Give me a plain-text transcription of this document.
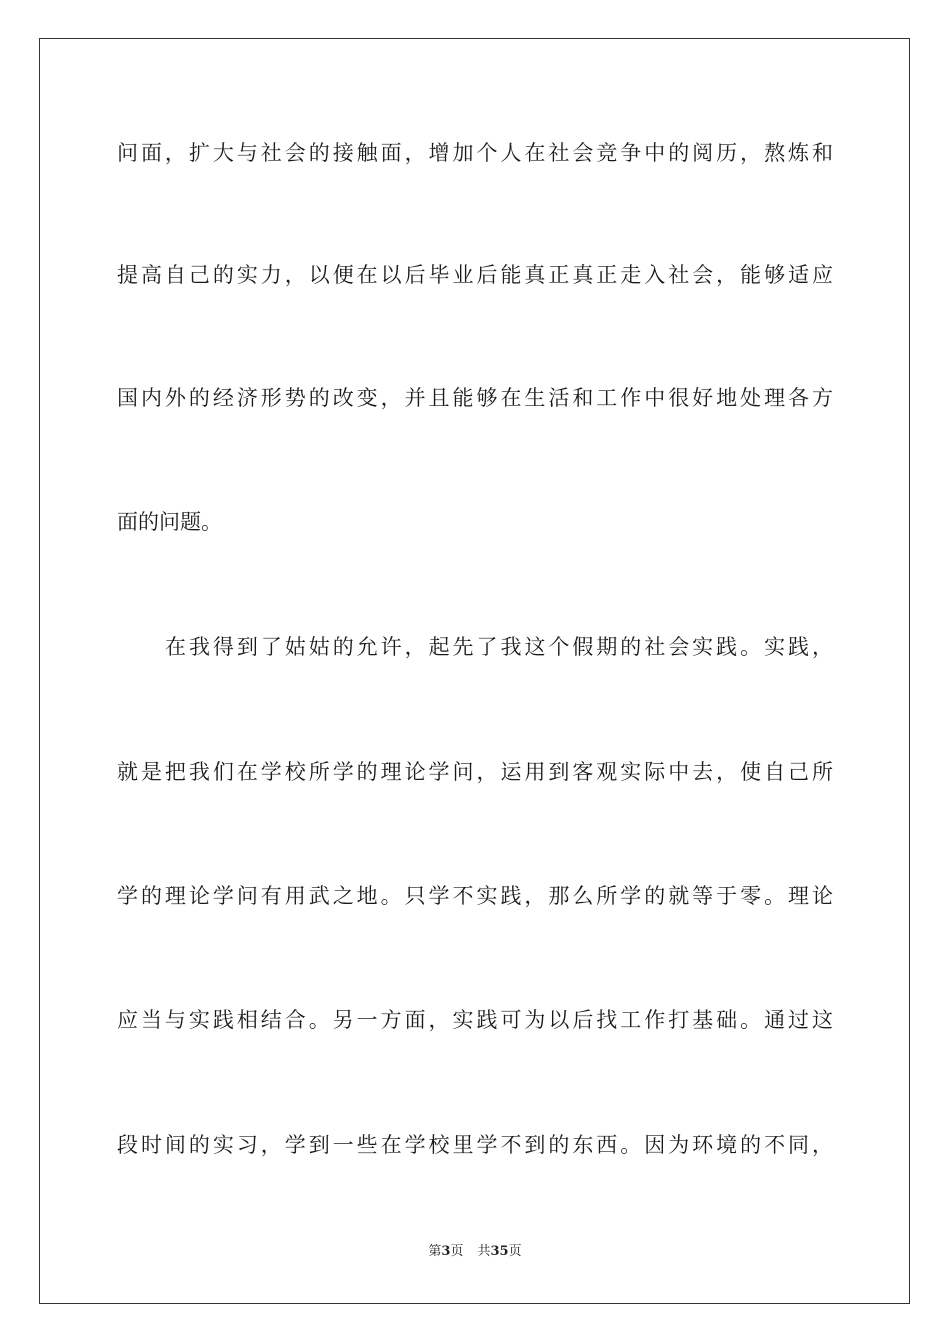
问面，扩大与社会的接触面，增加个人在社会竞争中的阅历，熬炼和
提高自己的实力，以便在以后毕业后能真正真正走入社会，能够适应
国内外的经济形势的改变，并且能够在生活和工作中很好地处理各方
面的问题。
在我得到了姑姑的允许，起先了我这个假期的社会实践。实践，
就是把我们在学校所学的理论学问，运用到客观实际中去，使自己所
学的理论学问有用武之地。只学不实践，那么所学的就等于零。理论
应当与实践相结合。另一方面，实践可为以后找工作打基础。通过这
段时间的实习，学到一些在学校里学不到的东西。因为环境的不同，
第3页 共35页
